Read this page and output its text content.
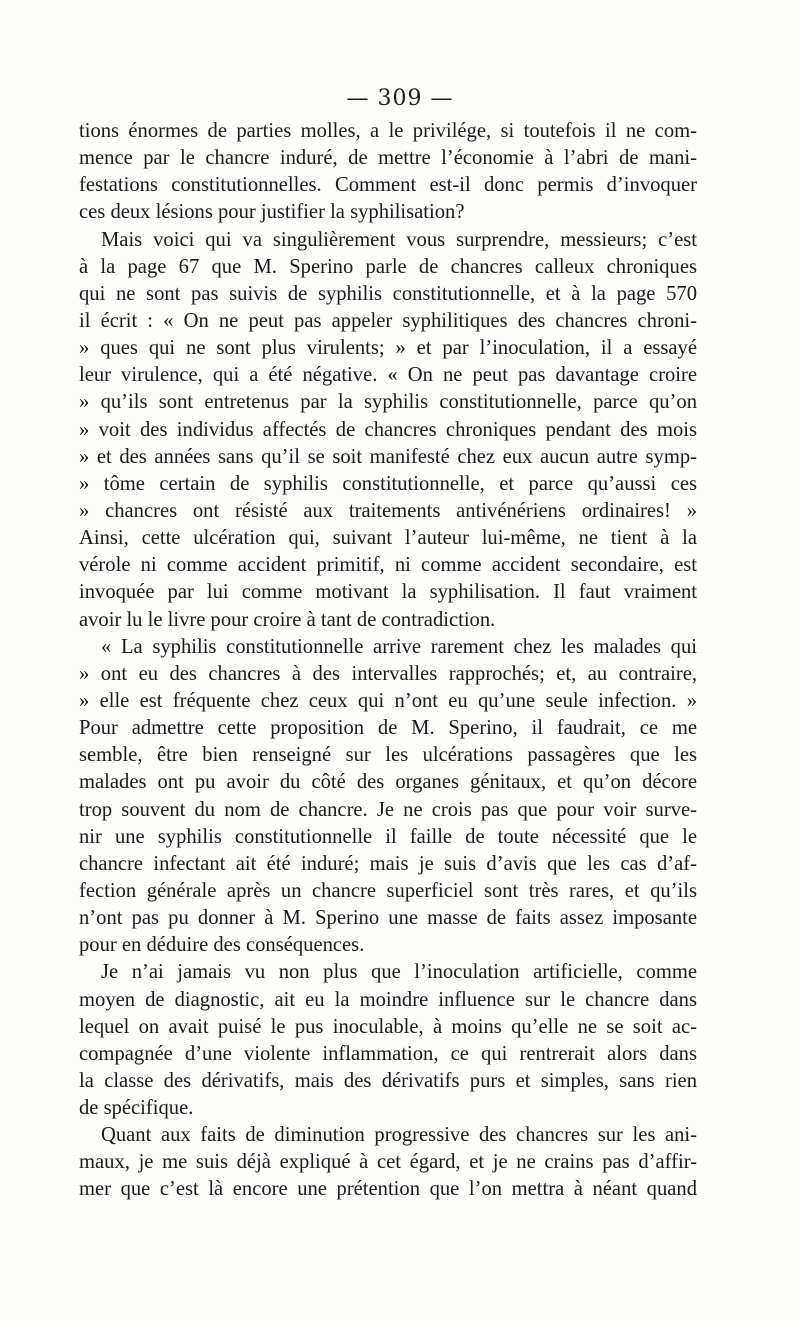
— 309 —
tions énormes de parties molles, a le privilége, si toutefois il ne com-
mence par le chancre induré, de mettre l’économie à l’abri de mani-
festations constitutionnelles. Comment est-il donc permis d’invoquer
ces deux lésions pour justifier la syphilisation?
Mais voici qui va singulièrement vous surprendre, messieurs; c’est
à la page 67 que M. Sperino parle de chancres calleux chroniques
qui ne sont pas suivis de syphilis constitutionnelle, et à la page 570
il écrit : « On ne peut pas appeler syphilitiques des chancres chroni-
» ques qui ne sont plus virulents; » et par l’inoculation, il a essayé
leur virulence, qui a été négative. « On ne peut pas davantage croire
» qu’ils sont entretenus par la syphilis constitutionnelle, parce qu’on
» voit des individus affectés de chancres chroniques pendant des mois
» et des années sans qu’il se soit manifesté chez eux aucun autre symp-
» tôme certain de syphilis constitutionnelle, et parce qu’aussi ces
» chancres ont résisté aux traitements antivénériens ordinaires! »
Ainsi, cette ulcération qui, suivant l’auteur lui-même, ne tient à la
vérole ni comme accident primitif, ni comme accident secondaire, est
invoquée par lui comme motivant la syphilisation. Il faut vraiment
avoir lu le livre pour croire à tant de contradiction.
« La syphilis constitutionnelle arrive rarement chez les malades qui
» ont eu des chancres à des intervalles rapprochés; et, au contraire,
» elle est fréquente chez ceux qui n’ont eu qu’une seule infection. »
Pour admettre cette proposition de M. Sperino, il faudrait, ce me
semble, être bien renseigné sur les ulcérations passagères que les
malades ont pu avoir du côté des organes génitaux, et qu’on décore
trop souvent du nom de chancre. Je ne crois pas que pour voir surve-
nir une syphilis constitutionnelle il faille de toute nécessité que le
chancre infectant ait été induré; mais je suis d’avis que les cas d’af-
fection générale après un chancre superficiel sont très rares, et qu’ils
n’ont pas pu donner à M. Sperino une masse de faits assez imposante
pour en déduire des conséquences.
Je n’ai jamais vu non plus que l’inoculation artificielle, comme
moyen de diagnostic, ait eu la moindre influence sur le chancre dans
lequel on avait puisé le pus inoculable, à moins qu’elle ne se soit ac-
compagnée d’une violente inflammation, ce qui rentrerait alors dans
la classe des dérivatifs, mais des dérivatifs purs et simples, sans rien
de spécifique.
Quant aux faits de diminution progressive des chancres sur les ani-
maux, je me suis déjà expliqué à cet égard, et je ne crains pas d’affir-
mer que c’est là encore une prétention que l’on mettra à néant quand
